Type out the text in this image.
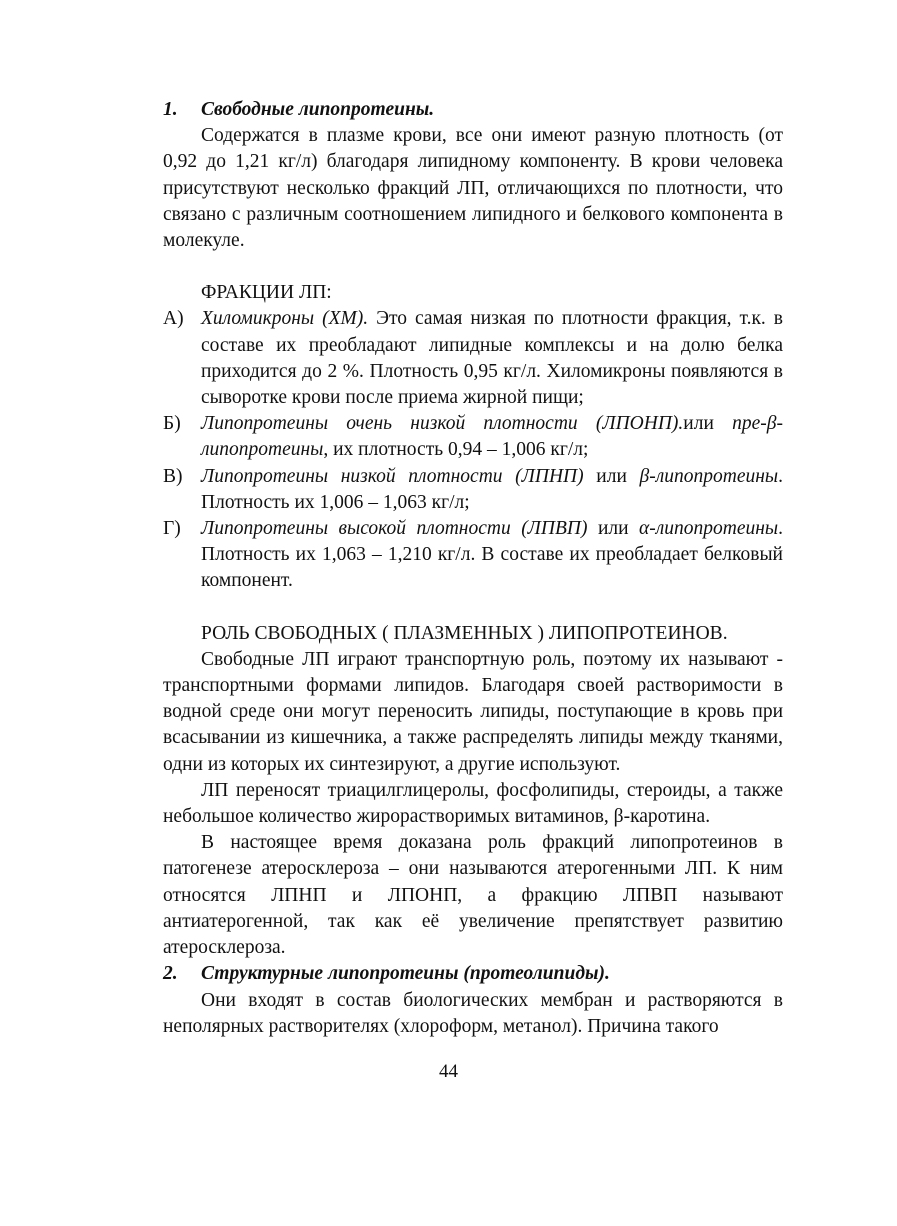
1. Свободные липопротеины.

Содержатся в плазме крови, все они имеют разную плотность (от 0,92 до 1,21 кг/л) благодаря липидному компоненту. В крови человека присутствуют несколько фракций ЛП, отличающихся по плотности, что связано с различным соотношением липидного и белкового компонента в молекуле.

ФРАКЦИИ ЛП:

А) Хиломикроны (ХМ). Это самая низкая по плотности фракция, т.к. в составе их преобладают липидные комплексы и на долю белка приходится до 2 %. Плотность 0,95 кг/л. Хиломикроны появляются в сыворотке крови после приема жирной пищи;
Б)	Липопротеины очень низкой плотности (ЛПОНП).или пре-β-липопротеины, их плотность 0,94 – 1,006 кг/л;
В) Липопротеины низкой плотности (ЛПНП) или β-липопротеины. Плотность их 1,006 – 1,063 кг/л;
Г)	Липопротеины высокой плотности (ЛПВП) или α-липопротеины. Плотность их 1,063 – 1,210 кг/л. В составе их преобладает белковый компонент.

РОЛЬ СВОБОДНЫХ ( ПЛАЗМЕННЫХ ) ЛИПОПРОТЕИНОВ.

Свободные ЛП играют транспортную роль, поэтому их называют - транспортными формами липидов. Благодаря своей растворимости в водной среде они могут переносить липиды, поступающие в кровь при всасывании из кишечника, а также распределять липиды между тканями, одни из которых их синтезируют, а другие используют.

ЛП переносят триацилглицеролы, фосфолипиды, стероиды, а также небольшое количество жирорастворимых витаминов, β-каротина.

В настоящее время доказана роль фракций липопротеинов в патогенезе атеросклероза – они называются атерогенными ЛП. К ним относятся ЛПНП и ЛПОНП, а фракцию ЛПВП называют антиатерогенной, так как её увеличение препятствует развитию атеросклероза.

2. Структурные липопротеины (протеолипиды).

Они входят в состав биологических мембран и растворяются в неполярных растворителях (хлороформ, метанол). Причина такого

44
